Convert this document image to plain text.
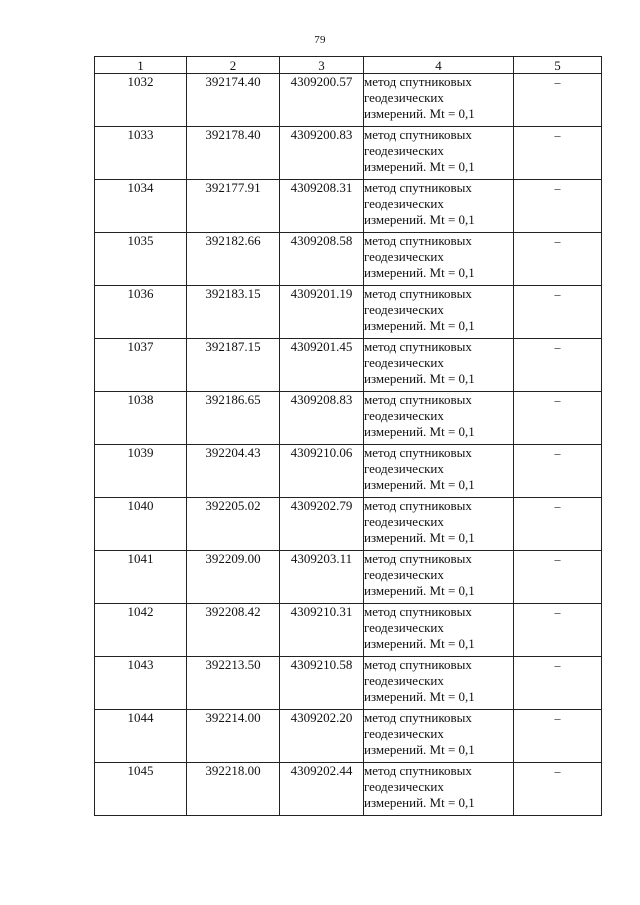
79
1	2	3	4	5
1032	392174.40	4309200.57	метод спутниковых
геодезических
измерений. Mt = 0,1	–
1033	392178.40	4309200.83	метод спутниковых
геодезических
измерений. Mt = 0,1	–
1034	392177.91	4309208.31	метод спутниковых
геодезических
измерений. Mt = 0,1	–
1035	392182.66	4309208.58	метод спутниковых
геодезических
измерений. Mt = 0,1	–
1036	392183.15	4309201.19	метод спутниковых
геодезических
измерений. Mt = 0,1	–
1037	392187.15	4309201.45	метод спутниковых
геодезических
измерений. Mt = 0,1	–
1038	392186.65	4309208.83	метод спутниковых
геодезических
измерений. Mt = 0,1	–
1039	392204.43	4309210.06	метод спутниковых
геодезических
измерений. Mt = 0,1	–
1040	392205.02	4309202.79	метод спутниковых
геодезических
измерений. Mt = 0,1	–
1041	392209.00	4309203.11	метод спутниковых
геодезических
измерений. Mt = 0,1	–
1042	392208.42	4309210.31	метод спутниковых
геодезических
измерений. Mt = 0,1	–
1043	392213.50	4309210.58	метод спутниковых
геодезических
измерений. Mt = 0,1	–
1044	392214.00	4309202.20	метод спутниковых
геодезических
измерений. Mt = 0,1	–
1045	392218.00	4309202.44	метод спутниковых
геодезических
измерений. Mt = 0,1	–
